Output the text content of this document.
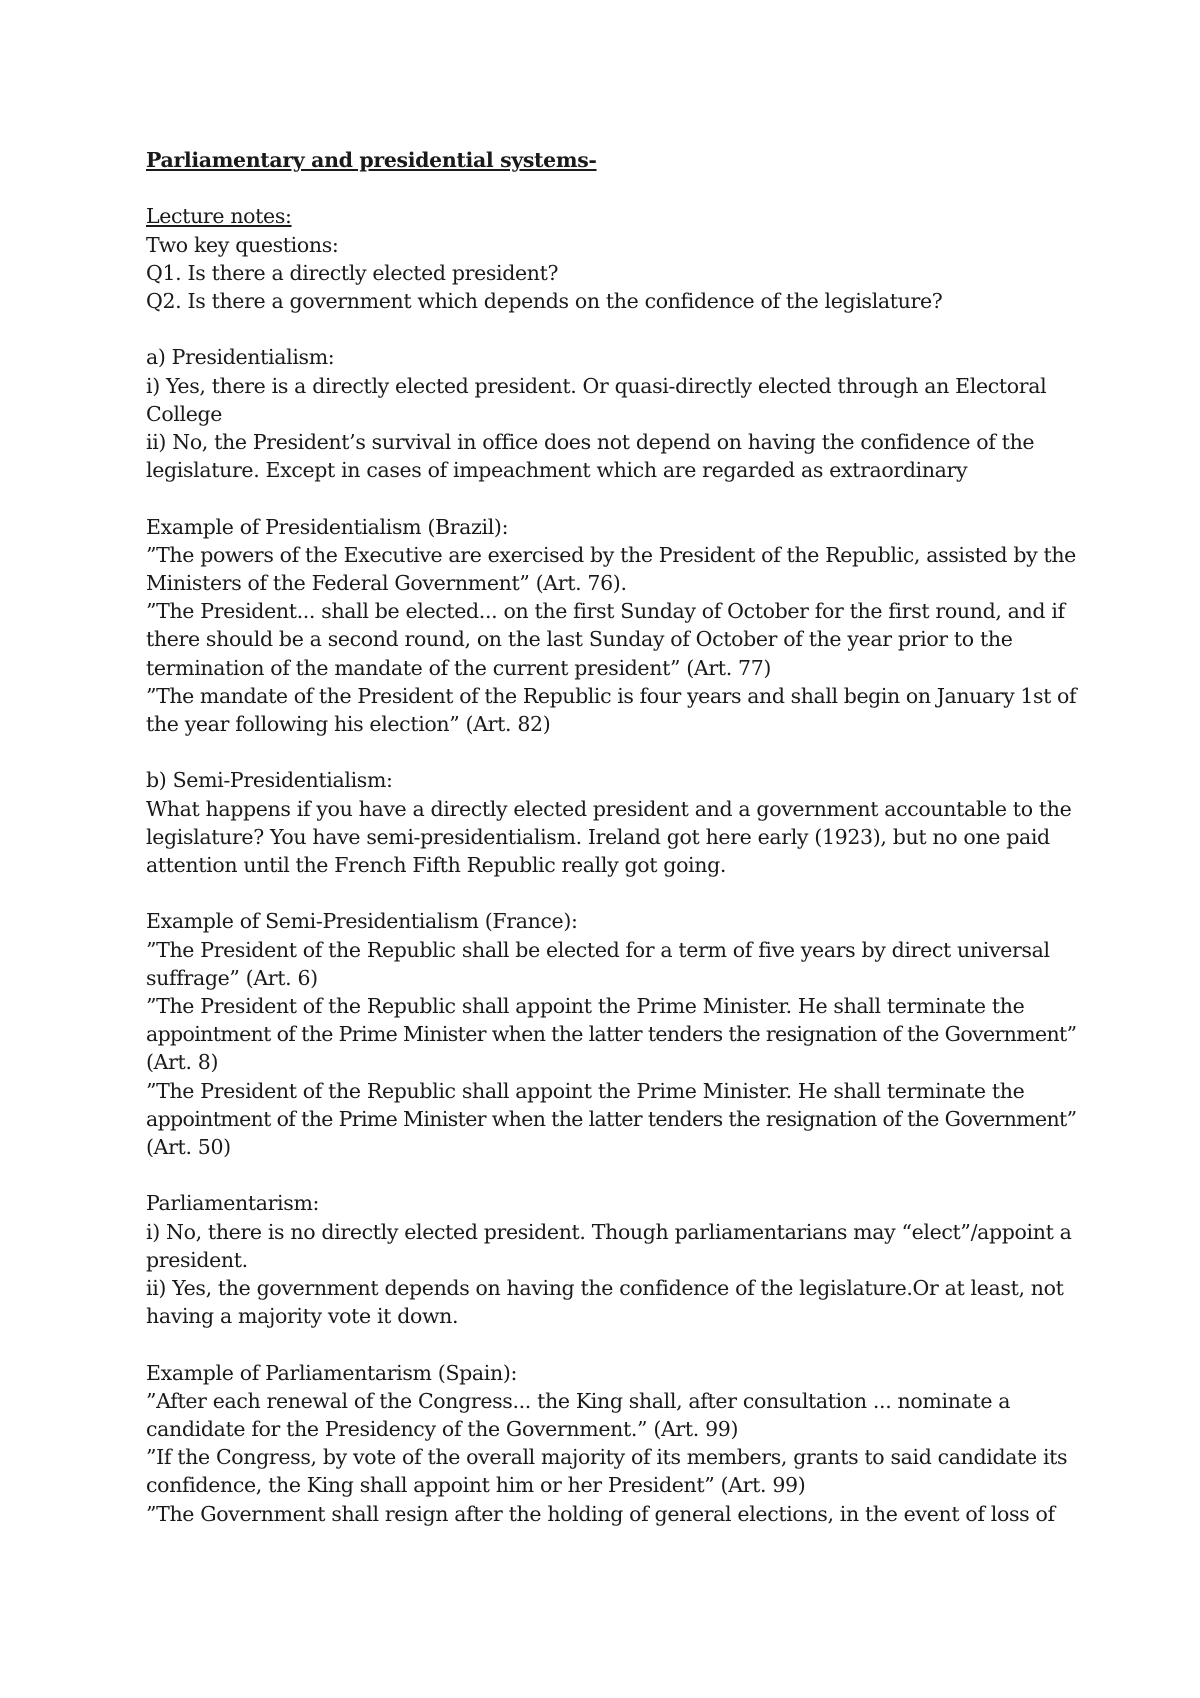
Parliamentary and presidential systems-
Lecture notes:
Two key questions:
Q1. Is there a directly elected president?
Q2. Is there a government which depends on the confidence of the legislature?
a) Presidentialism:
i) Yes, there is a directly elected president. Or quasi-directly elected through an Electoral
College
ii) No, the President’s survival in office does not depend on having the confidence of the
legislature. Except in cases of impeachment which are regarded as extraordinary
Example of Presidentialism (Brazil):
”The powers of the Executive are exercised by the President of the Republic, assisted by the
Ministers of the Federal Government” (Art. 76).
”The President... shall be elected... on the first Sunday of October for the first round, and if
there should be a second round, on the last Sunday of October of the year prior to the
termination of the mandate of the current president” (Art. 77)
”The mandate of the President of the Republic is four years and shall begin on January 1st of
the year following his election” (Art. 82)
b) Semi-Presidentialism:
What happens if you have a directly elected president and a government accountable to the
legislature? You have semi-presidentialism. Ireland got here early (1923), but no one paid
attention until the French Fifth Republic really got going.
Example of Semi-Presidentialism (France):
”The President of the Republic shall be elected for a term of five years by direct universal
suffrage” (Art. 6)
”The President of the Republic shall appoint the Prime Minister. He shall terminate the
appointment of the Prime Minister when the latter tenders the resignation of the Government”
(Art. 8)
”The President of the Republic shall appoint the Prime Minister. He shall terminate the
appointment of the Prime Minister when the latter tenders the resignation of the Government”
(Art. 50)
Parliamentarism:
i) No, there is no directly elected president. Though parliamentarians may “elect”/appoint a
president.
ii) Yes, the government depends on having the confidence of the legislature.Or at least, not
having a majority vote it down.
Example of Parliamentarism (Spain):
”After each renewal of the Congress... the King shall, after consultation ... nominate a
candidate for the Presidency of the Government.” (Art. 99)
”If the Congress, by vote of the overall majority of its members, grants to said candidate its
confidence, the King shall appoint him or her President” (Art. 99)
”The Government shall resign after the holding of general elections, in the event of loss of
